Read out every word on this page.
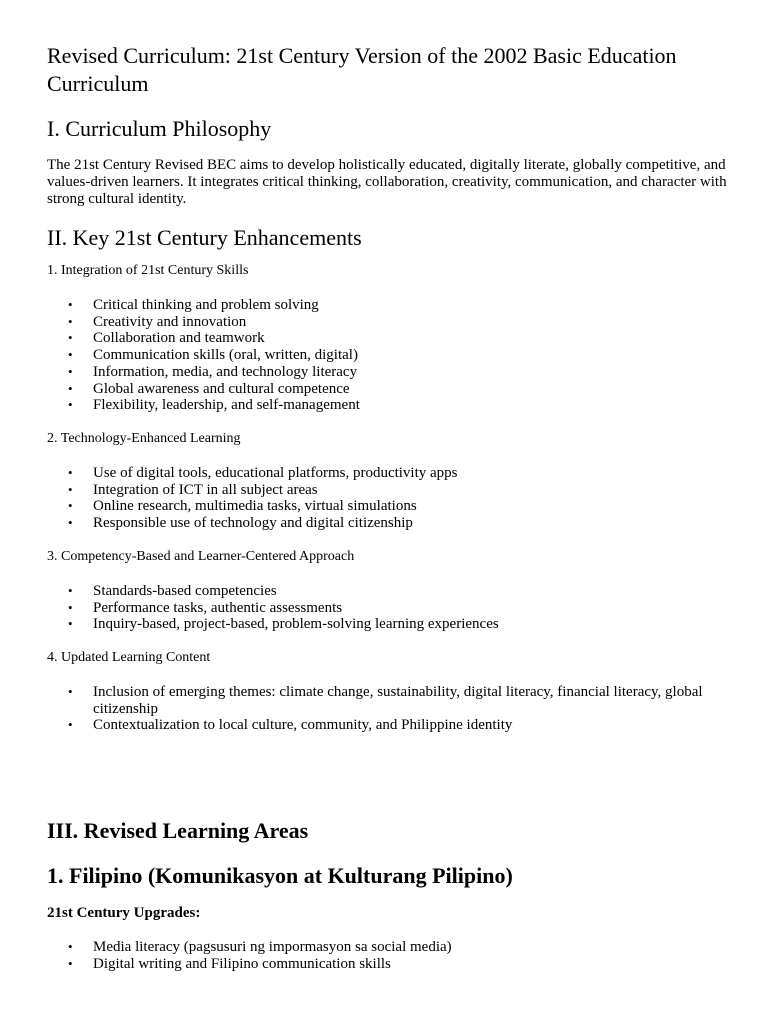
Revised Curriculum: 21st Century Version of the 2002 Basic Education Curriculum
I. Curriculum Philosophy

The 21st Century Revised BEC aims to develop holistically educated, digitally literate, globally competitive, and values-driven learners. It integrates critical thinking, collaboration, creativity, communication, and character with strong cultural identity.

II. Key 21st Century Enhancements

1. Integration of 21st Century Skills

• Critical thinking and problem solving
• Creativity and innovation
• Collaboration and teamwork
• Communication skills (oral, written, digital)
• Information, media, and technology literacy
• Global awareness and cultural competence
• Flexibility, leadership, and self-management

2. Technology-Enhanced Learning

• Use of digital tools, educational platforms, productivity apps
• Integration of ICT in all subject areas
• Online research, multimedia tasks, virtual simulations
• Responsible use of technology and digital citizenship

3. Competency-Based and Learner-Centered Approach

• Standards-based competencies
• Performance tasks, authentic assessments
• Inquiry-based, project-based, problem-solving learning experiences

4. Updated Learning Content

• Inclusion of emerging themes: climate change, sustainability, digital literacy, financial literacy, global citizenship
• Contextualization to local culture, community, and Philippine identity
III. Revised Learning Areas
1. Filipino (Komunikasyon at Kulturang Pilipino)

21st Century Upgrades:

• Media literacy (pagsusuri ng impormasyon sa social media)
• Digital writing and Filipino communication skills
